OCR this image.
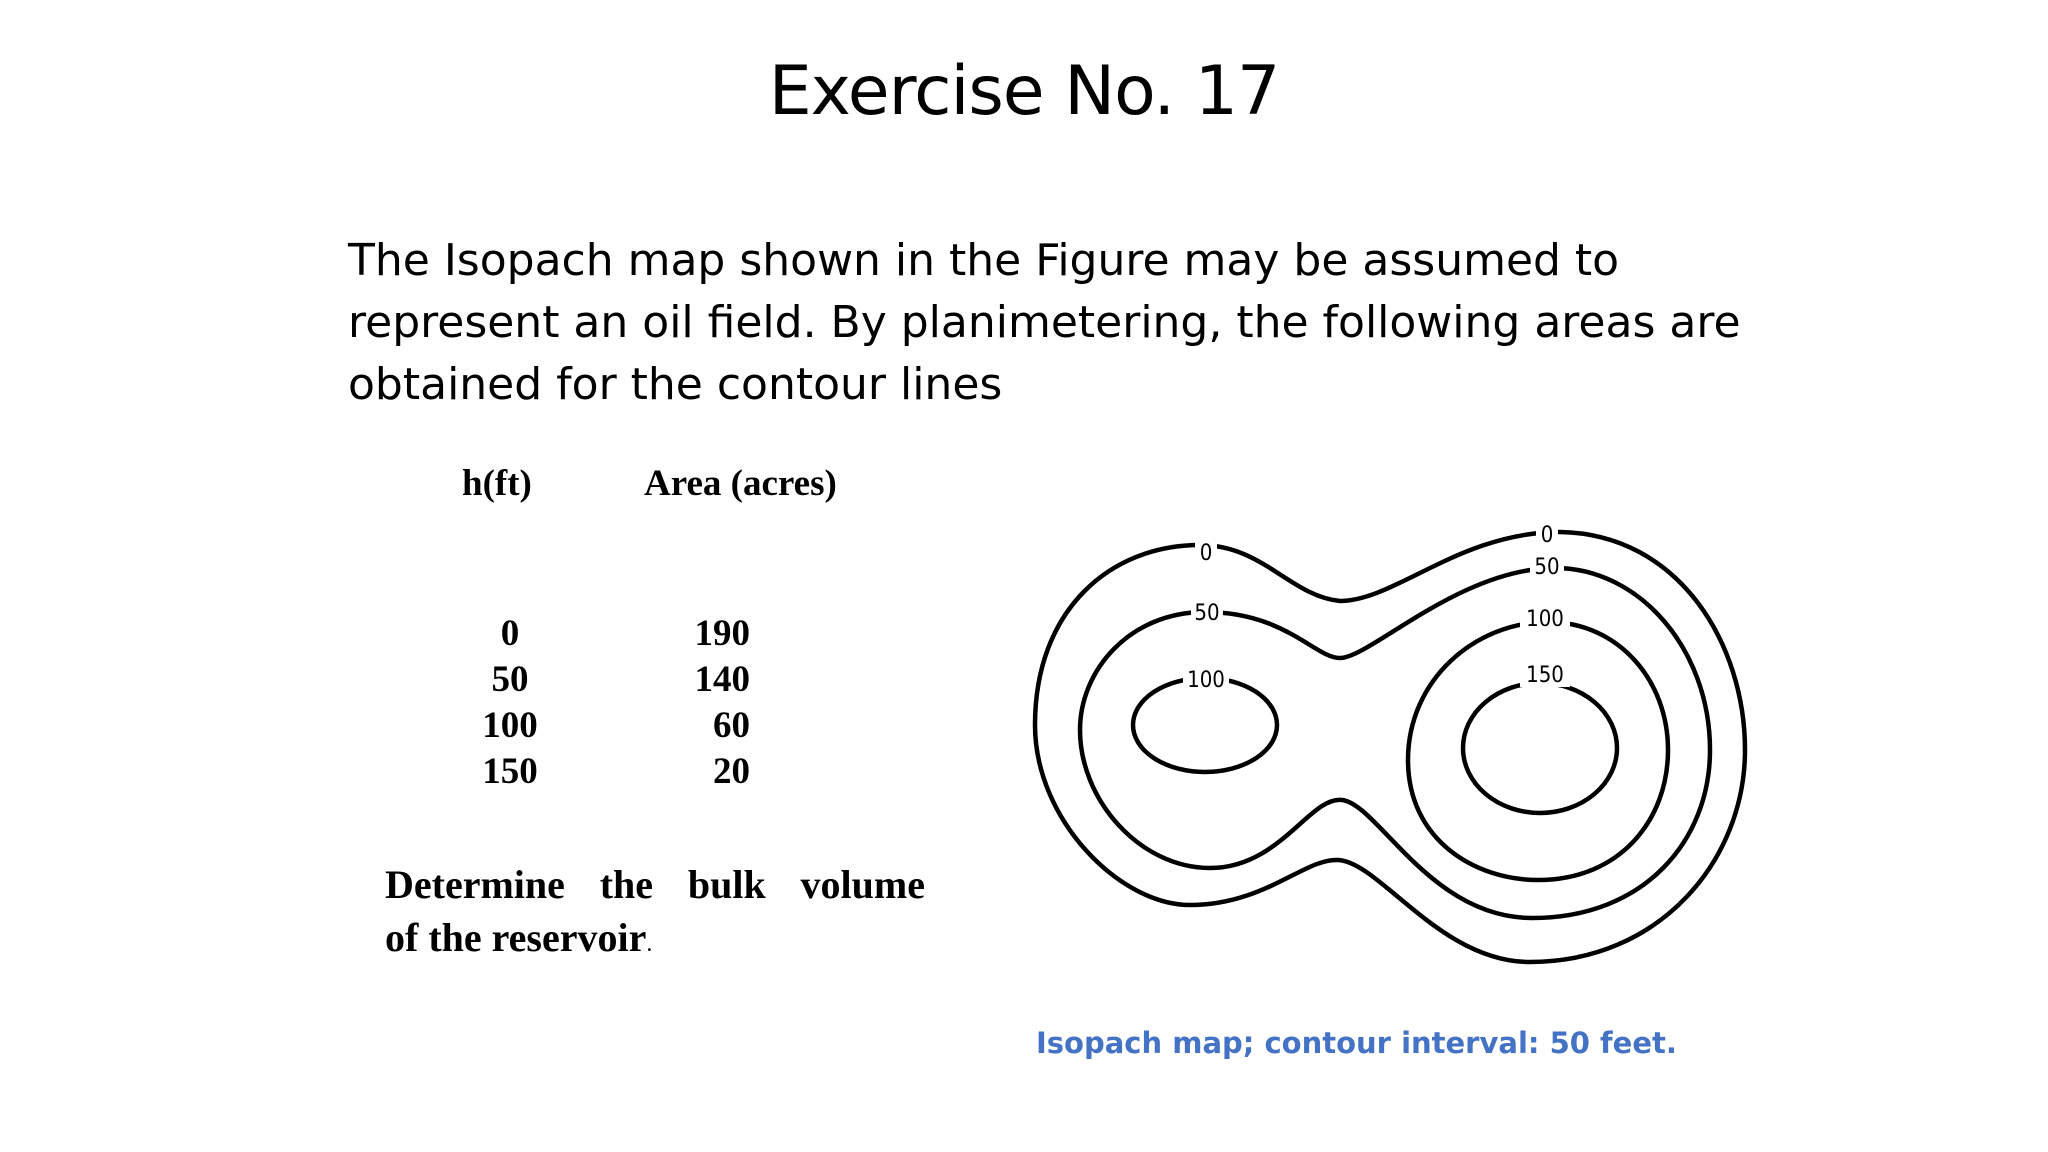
Exercise No. 17
The Isopach map shown in the Figure may be assumed to
represent an oil field. By planimetering, the following areas are
obtained for the contour lines
h(ft)	Area (acres)
0	190
50	140
100	60
150	20
Determine the bulk volume
of the reservoir.
0
50
100
0
50
100
150
Isopach map; contour interval: 50 feet.
